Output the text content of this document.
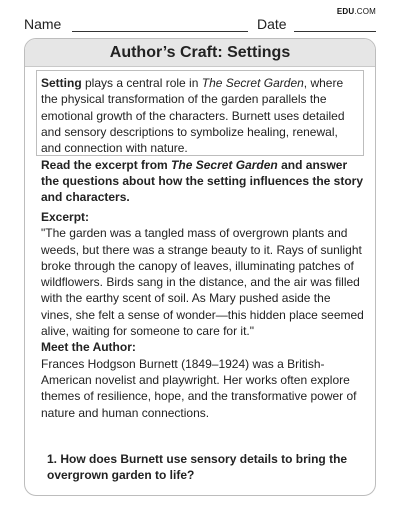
Name	Date
EDU.COM
Author’s Craft: Settings

Setting plays a central role in The Secret Garden, where the physical transformation of the garden parallels the emotional growth of the characters. Burnett uses detailed and sensory descriptions to symbolize healing, renewal, and connection with nature.

Read the excerpt from The Secret Garden and answer the questions about how the setting influences the story and characters.

Excerpt:

"The garden was a tangled mass of overgrown plants and weeds, but there was a strange beauty to it. Rays of sunlight broke through the canopy of leaves, illuminating patches of wildflowers. Birds sang in the distance, and the air was filled with the earthy scent of soil. As Mary pushed aside the vines, she felt a sense of wonder—this hidden place seemed alive, waiting for someone to care for it."

Meet the Author:

Frances Hodgson Burnett (1849–1924) was a British-American novelist and playwright. Her works often explore themes of resilience, hope, and the transformative power of nature and human connections.

1. How does Burnett use sensory details to bring the overgrown garden to life?
